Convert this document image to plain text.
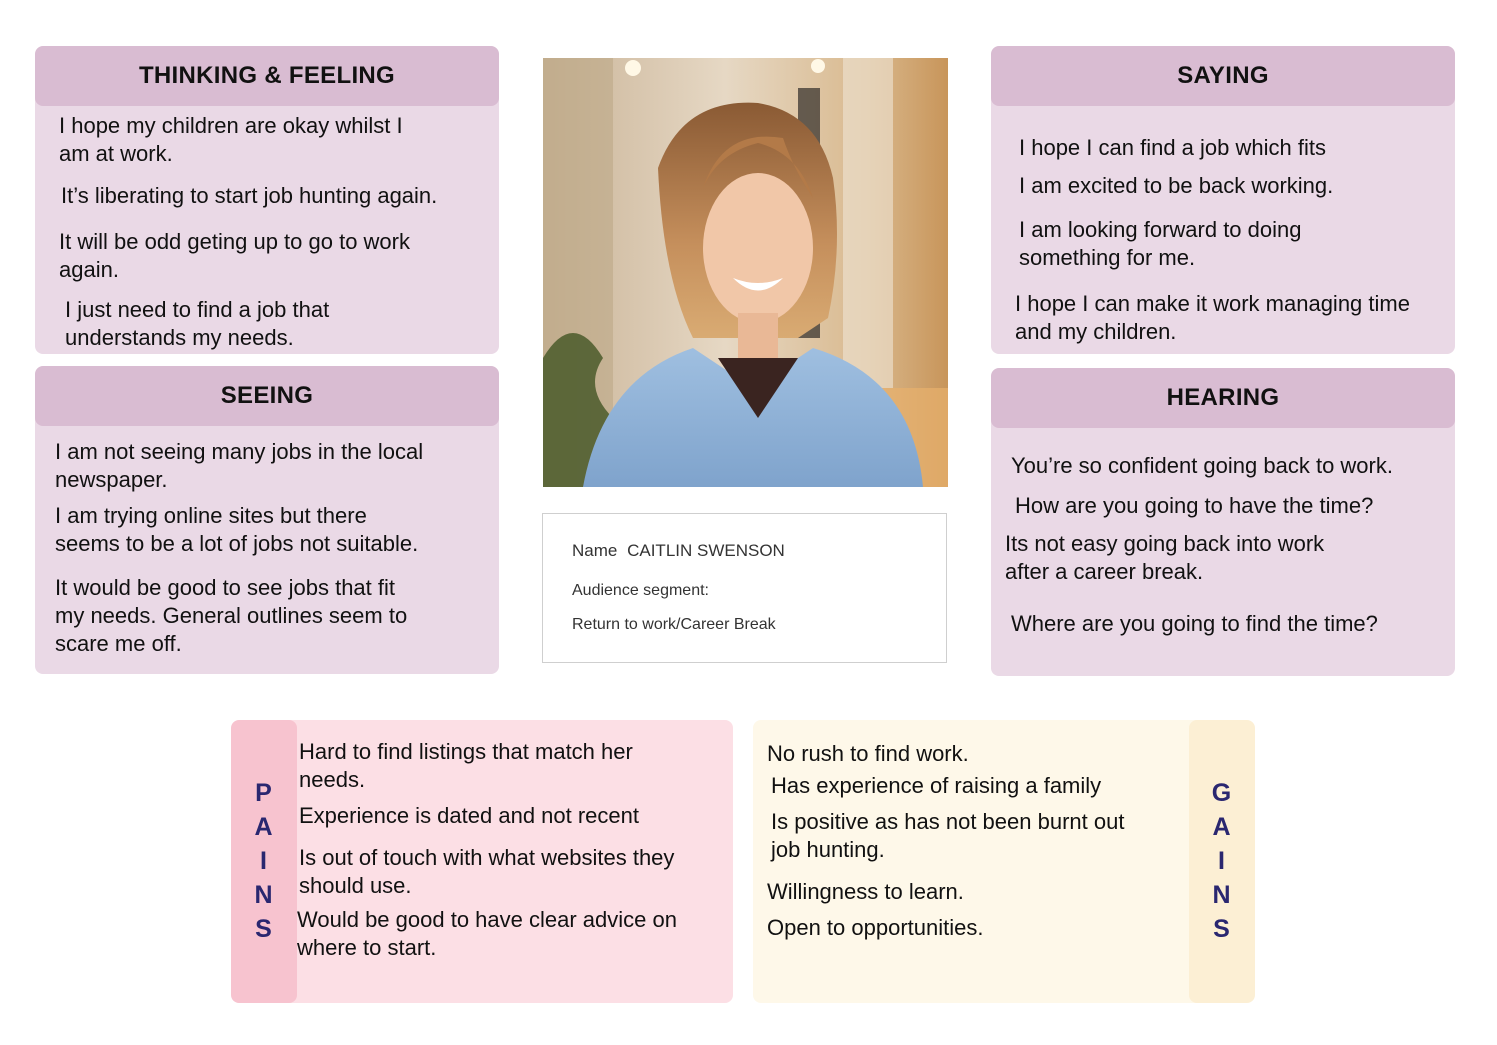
THINKING & FEELING
I hope my children are okay whilst I
am at work.
It’s liberating to start job hunting again.
It will be odd geting up to go to work
again.
I just need to find a job that
understands my needs.
SEEING
I am not seeing many jobs in the local
newspaper.
I am trying online sites but there
seems to be a lot of jobs not suitable.
It would be good to see jobs that fit
my needs. General outlines seem to
scare me off.
SAYING
I hope I can find a job which fits
I am excited to be back working.
I am looking forward to doing
something for me.
I hope I can make it work managing time
and my children.
HEARING
You’re so confident going back to work.
How are you going to have the time?
Its not easy going back into work
after a career break.
Where are you going to find the time?
Name CAITLIN SWENSON
Audience segment:
Return to work/Career Break
P
A
I
N
S
Hard to find listings that match her
needs.
Experience is dated and not recent
Is out of touch with what websites they
should use.
Would be good to have clear advice on
where to start.
G
A
I
N
S
No rush to find work.
Has experience of raising a family
Is positive as has not been burnt out
job hunting.
Willingness to learn.
Open to opportunities.
